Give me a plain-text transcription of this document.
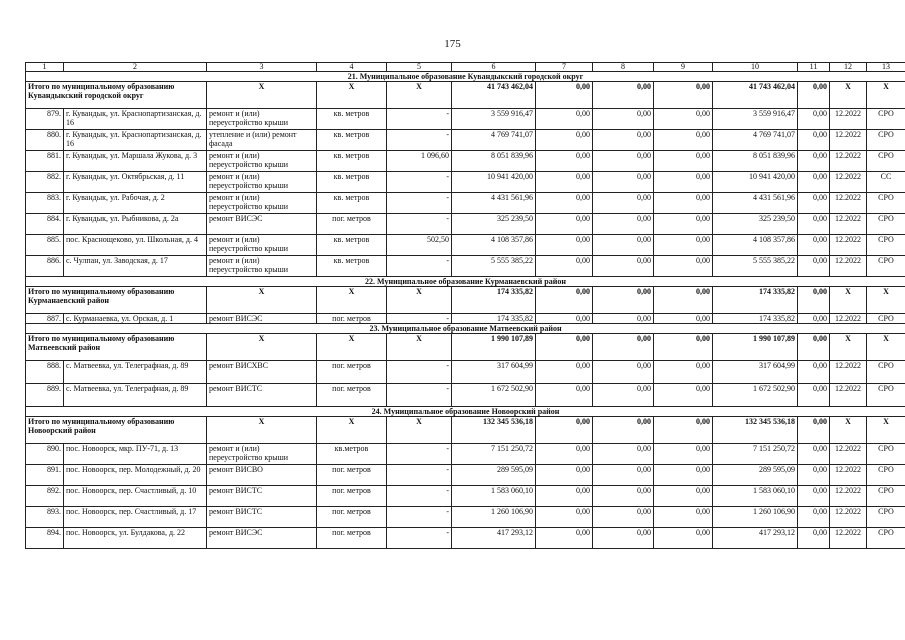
175
1	2	3	4	5	6	7	8	9	10	11	12	13
21. Муниципальное образование Кувандыкский городской округ												
Итого по муниципальному образованию Кувандыкский городской округ		X	X	X	41 743 462,04	0,00	0,00	0,00	41 743 462,04	0,00	X	X
879.	г. Кувандык, ул. Краснопартизанская, д. 16	ремонт и (или) переустройство крыши	кв. метров	-	3 559 916,47	0,00	0,00	0,00	3 559 916,47	0,00	12.2022	СРО
880.	г. Кувандык, ул. Краснопартизанская, д. 16	утепление и (или) ремонт фасада	кв. метров	-	4 769 741,07	0,00	0,00	0,00	4 769 741,07	0,00	12.2022	СРО
881.	г. Кувандык, ул. Маршала Жукова, д. 3	ремонт и (или) переустройство крыши	кв. метров	1 096,60	8 051 839,96	0,00	0,00	0,00	8 051 839,96	0,00	12.2022	СРО
882.	г. Кувандык, ул. Октябрьская, д. 11	ремонт и (или) переустройство крыши	кв. метров	-	10 941 420,00	0,00	0,00	0,00	10 941 420,00	0,00	12.2022	СС
883.	г. Кувандык, ул. Рабочая, д. 2	ремонт и (или) переустройство крыши	кв. метров	-	4 431 561,96	0,00	0,00	0,00	4 431 561,96	0,00	12.2022	СРО
884.	г. Кувандык, ул. Рыбникова, д. 2а	ремонт ВИСЭС	пог. метров	-	325 239,50	0,00	0,00	0,00	325 239,50	0,00	12.2022	СРО
885.	пос. Краснощеково, ул. Школьная, д. 4	ремонт и (или) переустройство крыши	кв. метров	502,50	4 108 357,86	0,00	0,00	0,00	4 108 357,86	0,00	12.2022	СРО
886.	с. Чулпан, ул. Заводская, д. 17	ремонт и (или) переустройство крыши	кв. метров	-	5 555 385,22	0,00	0,00	0,00	5 555 385,22	0,00	12.2022	СРО
22. Муниципальное образование Курманаевский район												
Итого по муниципальному образованию Курманаевский район		X	X	X	174 335,82	0,00	0,00	0,00	174 335,82	0,00	X	X
887.	с. Курманаевка, ул. Орская, д. 1	ремонт ВИСЭС	пог. метров	-	174 335,82	0,00	0,00	0,00	174 335,82	0,00	12.2022	СРО
23. Муниципальное образование Матвеевский район												
Итого по муниципальному образованию Матвеевский район		X	X	X	1 990 107,89	0,00	0,00	0,00	1 990 107,89	0,00	X	X
888.	с. Матвеевка, ул. Телеграфная, д. 89	ремонт ВИСХВС	пог. метров	-	317 604,99	0,00	0,00	0,00	317 604,99	0,00	12.2022	СРО
889.	с. Матвеевка, ул. Телеграфная, д. 89	ремонт ВИСТС	пог. метров	-	1 672 502,90	0,00	0,00	0,00	1 672 502,90	0,00	12.2022	СРО
24. Муниципальное образование Новоорский район												
Итого по муниципальному образованию Новоорский район		X	X	X	132 345 536,18	0,00	0,00	0,00	132 345 536,18	0,00	X	X
890.	пос. Новоорск, мкр. ПУ-71, д. 13	ремонт и (или) переустройство крыши	кв.метров	-	7 151 250,72	0,00	0,00	0,00	7 151 250,72	0,00	12.2022	СРО
891.	пос. Новоорск, пер. Молодежный, д. 20	ремонт ВИСВО	пог. метров	-	289 595,09	0,00	0,00	0,00	289 595,09	0,00	12.2022	СРО
892.	пос. Новоорск, пер. Счастливый, д. 10	ремонт ВИСТС	пог. метров	-	1 583 060,10	0,00	0,00	0,00	1 583 060,10	0,00	12.2022	СРО
893.	пос. Новоорск, пер. Счастливый, д. 17	ремонт ВИСТС	пог. метров	-	1 260 106,90	0,00	0,00	0,00	1 260 106,90	0,00	12.2022	СРО
894.	пос. Новоорск, ул. Булдакова, д. 22	ремонт ВИСЭС	пог. метров	-	417 293,12	0,00	0,00	0,00	417 293,12	0,00	12.2022	СРО
